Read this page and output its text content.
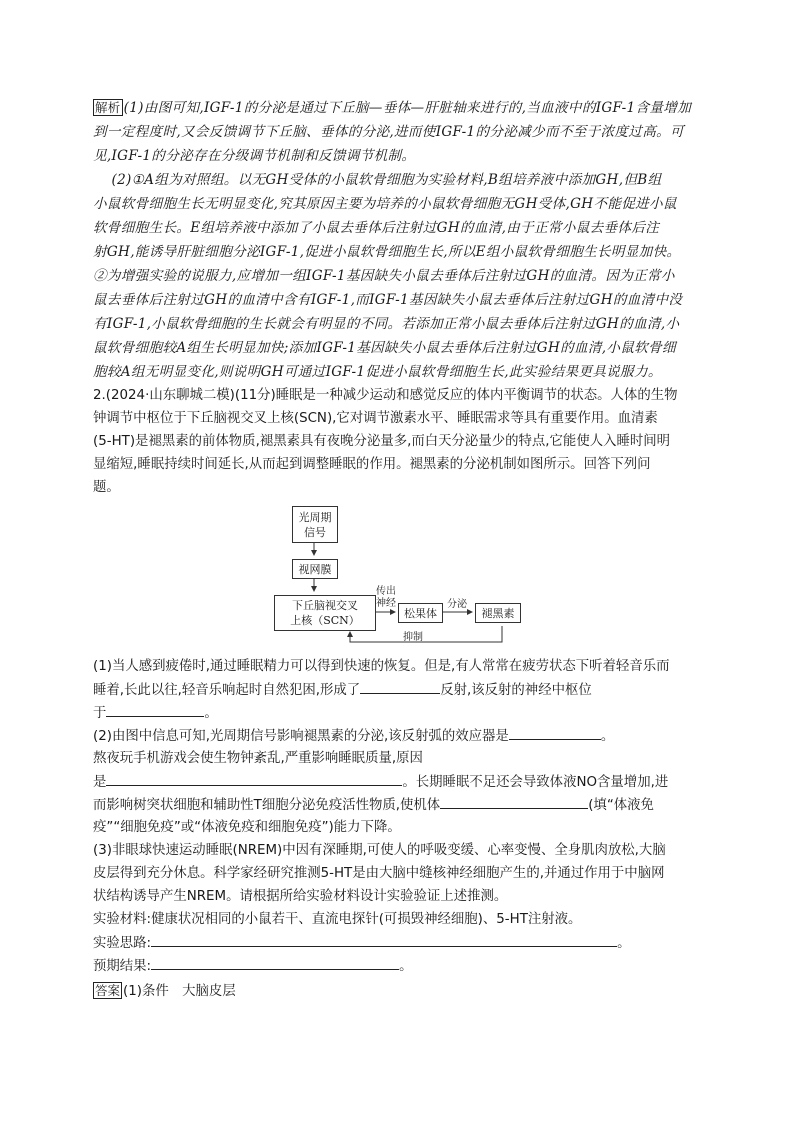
解析 (1)由图可知,IGF-1的分泌是通过下丘脑—垂体—肝脏轴来进行的,当血液中的IGF-1含量增加
到一定程度时,又会反馈调节下丘脑、垂体的分泌,进而使IGF-1的分泌减少而不至于浓度过高。可
见,IGF-1的分泌存在分级调节机制和反馈调节机制。
(2)①A组为对照组。以无GH受体的小鼠软骨细胞为实验材料,B组培养液中添加GH,但B组
小鼠软骨细胞生长无明显变化,究其原因主要为培养的小鼠软骨细胞无GH受体,GH不能促进小鼠
软骨细胞生长。E组培养液中添加了小鼠去垂体后注射过GH的血清,由于正常小鼠去垂体后注
射GH,能诱导肝脏细胞分泌IGF-1,促进小鼠软骨细胞生长,所以E组小鼠软骨细胞生长明显加快。
②为增强实验的说服力,应增加一组IGF-1基因缺失小鼠去垂体后注射过GH的血清。因为正常小
鼠去垂体后注射过GH的血清中含有IGF-1,而IGF-1基因缺失小鼠去垂体后注射过GH的血清中没
有IGF-1,小鼠软骨细胞的生长就会有明显的不同。若添加正常小鼠去垂体后注射过GH的血清,小
鼠软骨细胞较A组生长明显加快;添加IGF-1基因缺失小鼠去垂体后注射过GH的血清,小鼠软骨细
胞较A组无明显变化,则说明GH可通过IGF-1促进小鼠软骨细胞生长,此实验结果更具说服力。
2.(2024·山东聊城二模)(11分)睡眠是一种减少运动和感觉反应的体内平衡调节的状态。人体的生物
钟调节中枢位于下丘脑视交叉上核(SCN),它对调节激素水平、睡眠需求等具有重要作用。血清素
(5-HT)是褪黑素的前体物质,褪黑素具有夜晚分泌量多,而白天分泌量少的特点,它能使人入睡时间明
显缩短,睡眠持续时间延长,从而起到调整睡眠的作用。褪黑素的分泌机制如图所示。回答下列问
题。
光周期
信号
视网膜
下丘脑视交叉
上核（SCN）
松果体	褪黑素
传出
神经	分泌
抑制
(1)当人感到疲倦时,通过睡眠精力可以得到快速的恢复。但是,有人常常在疲劳状态下听着轻音乐而
睡着,长此以往,轻音乐响起时自然犯困,形成了	反射,该反射的神经中枢位
于	。
(2)由图中信息可知,光周期信号影响褪黑素的分泌,该反射弧的效应器是	。
熬夜玩手机游戏会使生物钟紊乱,严重影响睡眠质量,原因
是	。长期睡眠不足还会导致体液NO含量增加,进
而影响树突状细胞和辅助性T细胞分泌免疫活性物质,使机体	(填“体液免
疫”“细胞免疫”或“体液免疫和细胞免疫”)能力下降。
(3)非眼球快速运动睡眠(NREM)中因有深睡期,可使人的呼吸变缓、心率变慢、全身肌肉放松,大脑
皮层得到充分休息。科学家经研究推测5-HT是由大脑中缝核神经细胞产生的,并通过作用于中脑网
状结构诱导产生NREM。请根据所给实验材料设计实验验证上述推测。
实验材料:健康状况相同的小鼠若干、直流电探针(可损毁神经细胞)、5-HT注射液。
实验思路:	。
预期结果:	。
答案 (1)条件　大脑皮层
